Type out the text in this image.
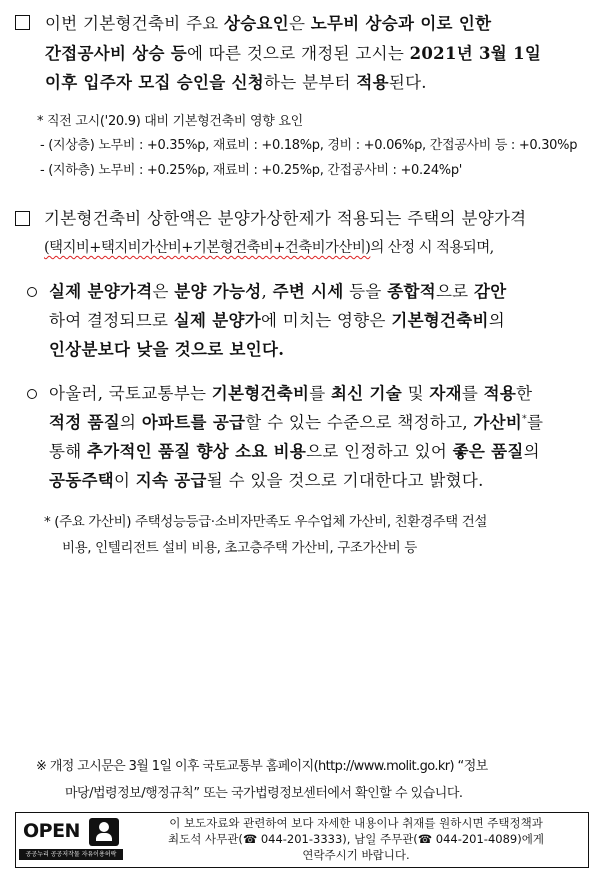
이번 기본형건축비 주요 상승요인은 노무비 상승과 이로 인한
간접공사비 상승 등에 따른 것으로 개정된 고시는 2021년 3월 1일
이후 입주자 모집 승인을 신청하는 분부터 적용된다.
* 직전 고시('20.9) 대비 기본형건축비 영향 요인
- (지상층) 노무비 : +0.35%p, 재료비 : +0.18%p, 경비 : +0.06%p, 간접공사비 등 : +0.30%p
- (지하층) 노무비 : +0.25%p, 재료비 : +0.25%p, 간접공사비 : +0.24%p'
기본형건축비 상한액은 분양가상한제가 적용되는 주택의 분양가격
(택지비+택지비가산비+기본형건축비+건축비가산비)의 산정 시 적용되며,
실제 분양가격은 분양 가능성, 주변 시세 등을 종합적으로 감안
하여 결정되므로 실제 분양가에 미치는 영향은 기본형건축비의
인상분보다 낮을 것으로 보인다.
아울러, 국토교통부는 기본형건축비를 최신 기술 및 자재를 적용한
적정 품질의 아파트를 공급할 수 있는 수준으로 책정하고, 가산비*를
통해 추가적인 품질 향상 소요 비용으로 인정하고 있어 좋은 품질의
공동주택이 지속 공급될 수 있을 것으로 기대한다고 밝혔다.
* (주요 가산비) 주택성능등급·소비자만족도 우수업체 가산비, 친환경주택 건설
비용, 인텔리전트 설비 비용, 초고층주택 가산비, 구조가산비 등
※ 개정 고시문은 3월 1일 이후 국토교통부 홈페이지(http://www.molit.go.kr) “정보
마당/법령정보/행정규칙” 또는 국가법령정보센터에서 확인할 수 있습니다.
OPEN
공공누리 공공저작물 자유이용허락
이 보도자료와 관련하여 보다 자세한 내용이나 취재를 원하시면 주택정책과
최도석 사무관(☎ 044-201-3333), 남일 주무관(☎ 044-201-4089)에게
연락주시기 바랍니다.
